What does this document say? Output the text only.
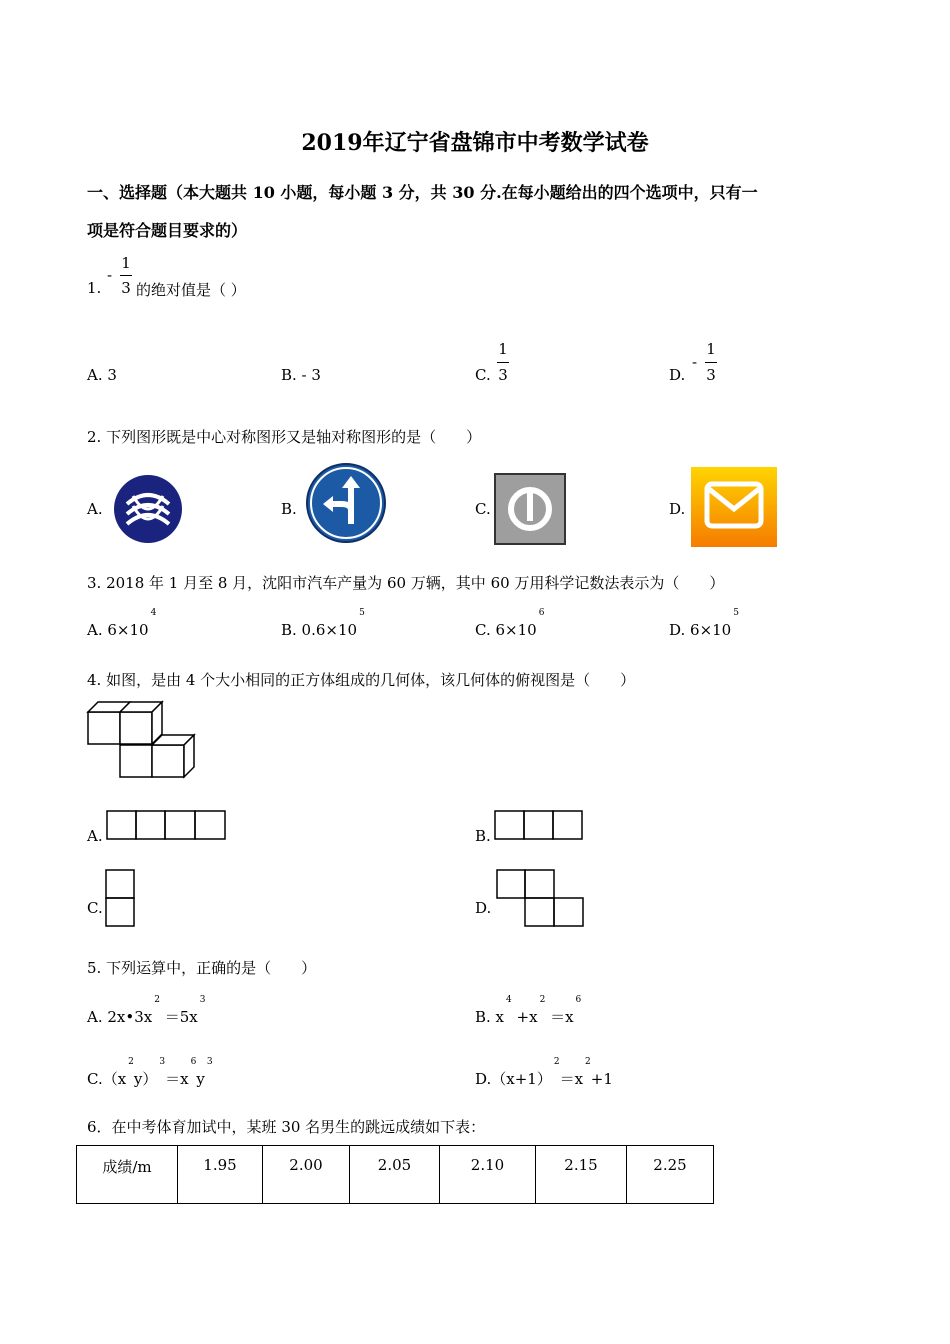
2019年辽宁省盘锦市中考数学试卷
一、选择题（本大题共 10 小题，每小题 3 分，共 30 分.在每小题给出的四个选项中，只有一
项是符合题目要求的）
1.
-
1
3 的绝对值是（ ）
A. 3	B. - 3	C.
1
3	D.
-
1
3
2. 下列图形既是中心对称图形又是轴对称图形的是（　　）
A.	B.	C.	D.
3. 2018 年 1 月至 8 月，沈阳市汽车产量为 60 万辆，其中 60 万用科学记数法表示为（　　）
A. $6\times 10^4$
B. $0.6\times 10^5$
C. $6\times 10^6$
D. $6\times 10^5$
4. 如图，是由 4 个大小相同的正方体组成的几何体，该几何体的俯视图是（　　）
A.	B.
C.	D.
5. 下列运算中，正确的是（　　）
A. $2x•3x^2 =5x^3$
B. $x^4 +x^2 =x^6$
$C.(x^2y)^3=x^6y^3$
$D.(x+1)^2=x^2+1$
6．在中考体育加试中，某班 30 名男生的跳远成绩如下表：
成绩/m	1.95	2.00	2.05	2.10	2.15	2.25
